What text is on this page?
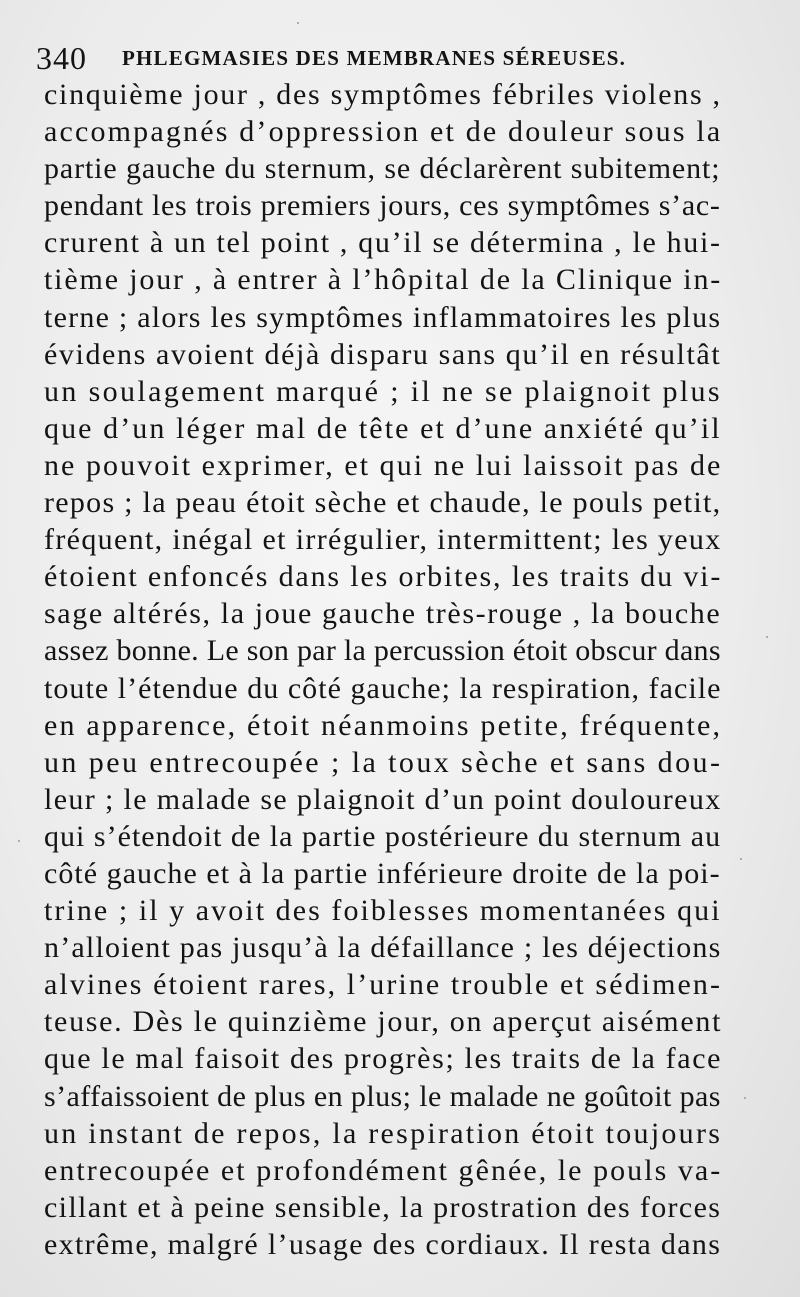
340 PHLEGMASIES DES MEMBRANES SÉREUSES.
cinquième jour , des symptômes fébriles violens ,
accompagnés d’oppression et de douleur sous la
partie gauche du sternum, se déclarèrent subitement;
pendant les trois premiers jours, ces symptômes s’ac-
crurent à un tel point , qu’il se détermina , le hui-
tième jour , à entrer à l’hôpital de la Clinique in-
terne ; alors les symptômes inflammatoires les plus
évidens avoient déjà disparu sans qu’il en résultât
un soulagement marqué ; il ne se plaignoit plus
que d’un léger mal de tête et d’une anxiété qu’il
ne pouvoit exprimer, et qui ne lui laissoit pas de
repos ; la peau étoit sèche et chaude, le pouls petit,
fréquent, inégal et irrégulier, intermittent; les yeux
étoient enfoncés dans les orbites, les traits du vi-
sage altérés, la joue gauche très-rouge , la bouche
assez bonne. Le son par la percussion étoit obscur dans
toute l’étendue du côté gauche; la respiration, facile
en apparence, étoit néanmoins petite, fréquente,
un peu entrecoupée ; la toux sèche et sans dou-
leur ; le malade se plaignoit d’un point douloureux
qui s’étendoit de la partie postérieure du sternum au
côté gauche et à la partie inférieure droite de la poi-
trine ; il y avoit des foiblesses momentanées qui
n’alloient pas jusqu’à la défaillance ; les déjections
alvines étoient rares, l’urine trouble et sédimen-
teuse. Dès le quinzième jour, on aperçut aisément
que le mal faisoit des progrès; les traits de la face
s’affaissoient de plus en plus; le malade ne goûtoit pas
un instant de repos, la respiration étoit toujours
entrecoupée et profondément gênée, le pouls va-
cillant et à peine sensible, la prostration des forces
extrême, malgré l’usage des cordiaux. Il resta dans
